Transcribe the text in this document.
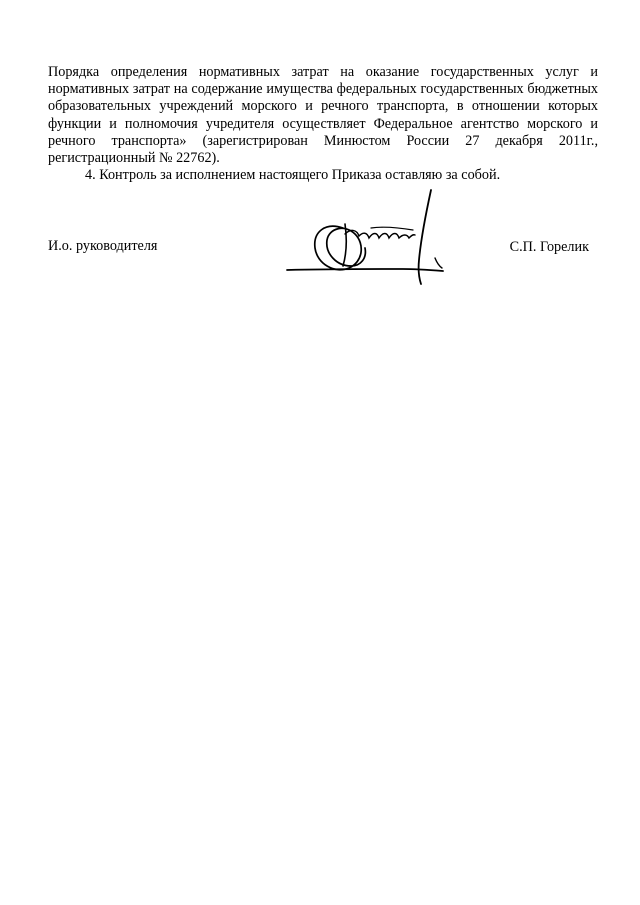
Порядка определения нормативных затрат на оказание государственных услуг и нормативных затрат на содержание имущества федеральных государственных бюджетных образовательных учреждений морского и речного транспорта, в отношении которых функции и полномочия учредителя осуществляет Федеральное агентство морского и речного транспорта» (зарегистрирован Минюстом России 27 декабря 2011г., регистрационный № 22762).

4. Контроль за исполнением настоящего Приказа оставляю за собой.

И.о. руководителя	С.П. Горелик
